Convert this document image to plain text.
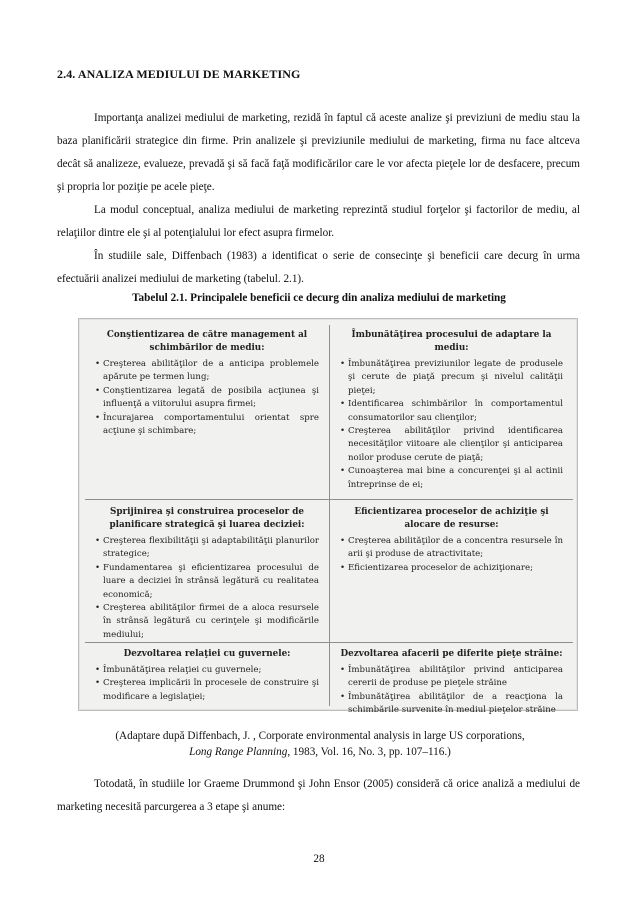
2.4. ANALIZA MEDIULUI DE MARKETING

Importanţa analizei mediului de marketing, rezidă în faptul că aceste analize şi previziuni de mediu stau la baza planificării strategice din firme. Prin analizele şi previziunile mediului de marketing, firma nu face altceva decât să analizeze, evalueze, prevadă şi să facă faţă modificărilor care le vor afecta pieţele lor de desfacere, precum şi propria lor poziţie pe acele pieţe.

La modul conceptual, analiza mediului de marketing reprezintă studiul forţelor şi factorilor de mediu, al relaţiilor dintre ele şi al potenţialului lor efect asupra firmelor.

În studiile sale, Diffenbach (1983) a identificat o serie de consecinţe şi beneficii care decurg în urma efectuării analizei mediului de marketing (tabelul. 2.1).

Tabelul 2.1. Principalele beneficii ce decurg din analiza mediului de marketing
Conştientizarea de către management al schimbărilor de mediu:
• Creşterea abilităţilor de a anticipa problemele apărute pe termen lung;
• Conştientizarea legată de posibila acţiunea şi influenţă a viitorului asupra firmei;
• Încurajarea comportamentului orientat spre acţiune şi schimbare;
Îmbunătăţirea procesului de adaptare la mediu:
• Îmbunătăţirea previziunilor legate de produsele şi cerute de piaţă precum şi nivelul calităţii pieţei;
• Identificarea schimbărilor în comportamentul consumatorilor sau clienţilor;
• Creşterea abilităţilor privind identificarea necesităţilor viitoare ale clienţilor şi anticiparea noilor produse cerute de piaţă;
• Cunoaşterea mai bine a concurenţei şi al actinii întreprinse de ei;
Sprijinirea şi construirea proceselor de planificare strategică şi luarea deciziei:
• Creşterea flexibilităţii şi adaptabilităţii planurilor strategice;
• Fundamentarea şi eficientizarea procesului de luare a deciziei în strânsă legătură cu realitatea economică;
• Creşterea abilităţilor firmei de a aloca resursele în strânsă legătură cu cerinţele şi modificările mediului;
Eficientizarea proceselor de achiziţie şi alocare de resurse:
• Creşterea abilităţilor de a concentra resursele în arii şi produse de atractivitate;
• Eficientizarea proceselor de achiziţionare;
Dezvoltarea relaţiei cu guvernele:
• Îmbunătăţirea relaţiei cu guvernele;
• Creşterea implicării în procesele de construire şi modificare a legislaţiei;
Dezvoltarea afacerii pe diferite pieţe străine:
• Îmbunătăţirea abilităţilor privind anticiparea cererii de produse pe pieţele străine
• Îmbunătăţirea abilităţilor de a reacţiona la schimbările survenite în mediul pieţelor străine
(Adaptare după Diffenbach, J. , Corporate environmental analysis in large US corporations,
Long Range Planning, 1983, Vol. 16, No. 3, pp. 107–116.)

Totodată, în studiile lor Graeme Drummond şi John Ensor (2005) consideră că orice analiză a mediului de marketing necesită parcurgerea a 3 etape şi anume:

28
